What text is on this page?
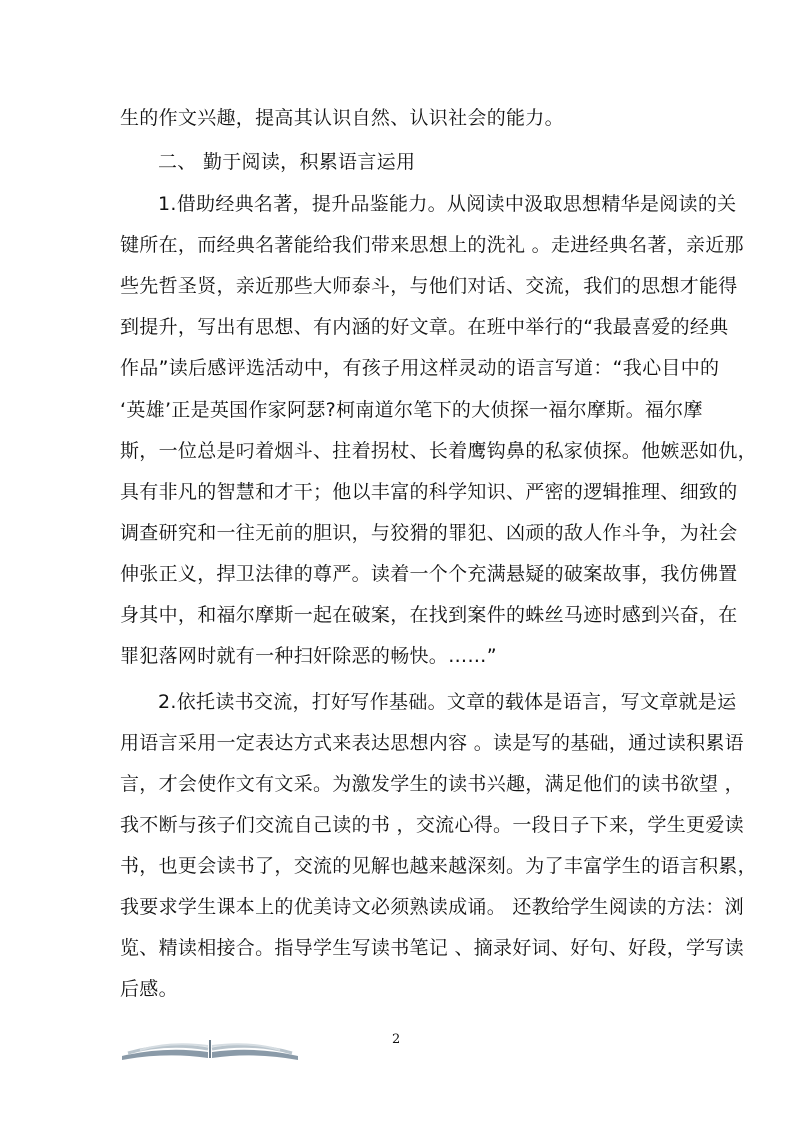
生的作文兴趣，提高其认识自然、认识社会的能力。
二、 勤于阅读，积累语言运用
1.借助经典名著，提升品鉴能力。从阅读中汲取思想精华是阅读的关
键所在，而经典名著能给我们带来思想上的洗礼 。走进经典名著，亲近那
些先哲圣贤，亲近那些大师泰斗，与他们对话、交流，我们的思想才能得
到提升，写出有思想、有内涵的好文章。在班中举行的“我最喜爱的经典
作品”读后感评选活动中，有孩子用这样灵动的语言写道：“我心目中的
‘英雄’正是英国作家阿瑟?柯南道尔笔下的大侦探一福尔摩斯。福尔摩
斯，一位总是叼着烟斗、拄着拐杖、长着鹰钩鼻的私家侦探。他嫉恶如仇，
具有非凡的智慧和才干；他以丰富的科学知识、严密的逻辑推理、细致的
调查研究和一往无前的胆识，与狡猾的罪犯、凶顽的敌人作斗争，为社会
伸张正义，捍卫法律的尊严。读着一个个充满悬疑的破案故事，我仿佛置
身其中，和福尔摩斯一起在破案，在找到案件的蛛丝马迹时感到兴奋，在
罪犯落网时就有一种扫奸除恶的畅快。……”
2.依托读书交流，打好写作基础。文章的载体是语言，写文章就是运
用语言采用一定表达方式来表达思想内容 。读是写的基础，通过读积累语
言，才会使作文有文采。为激发学生的读书兴趣，满足他们的读书欲望 ，
我不断与孩子们交流自己读的书 ，交流心得。一段日子下来，学生更爱读
书，也更会读书了，交流的见解也越来越深刻。为了丰富学生的语言积累，
我要求学生课本上的优美诗文必须熟读成诵。 还教给学生阅读的方法：浏
览、精读相接合。指导学生写读书笔记 、摘录好词、好句、好段，学写读
后感。
2
